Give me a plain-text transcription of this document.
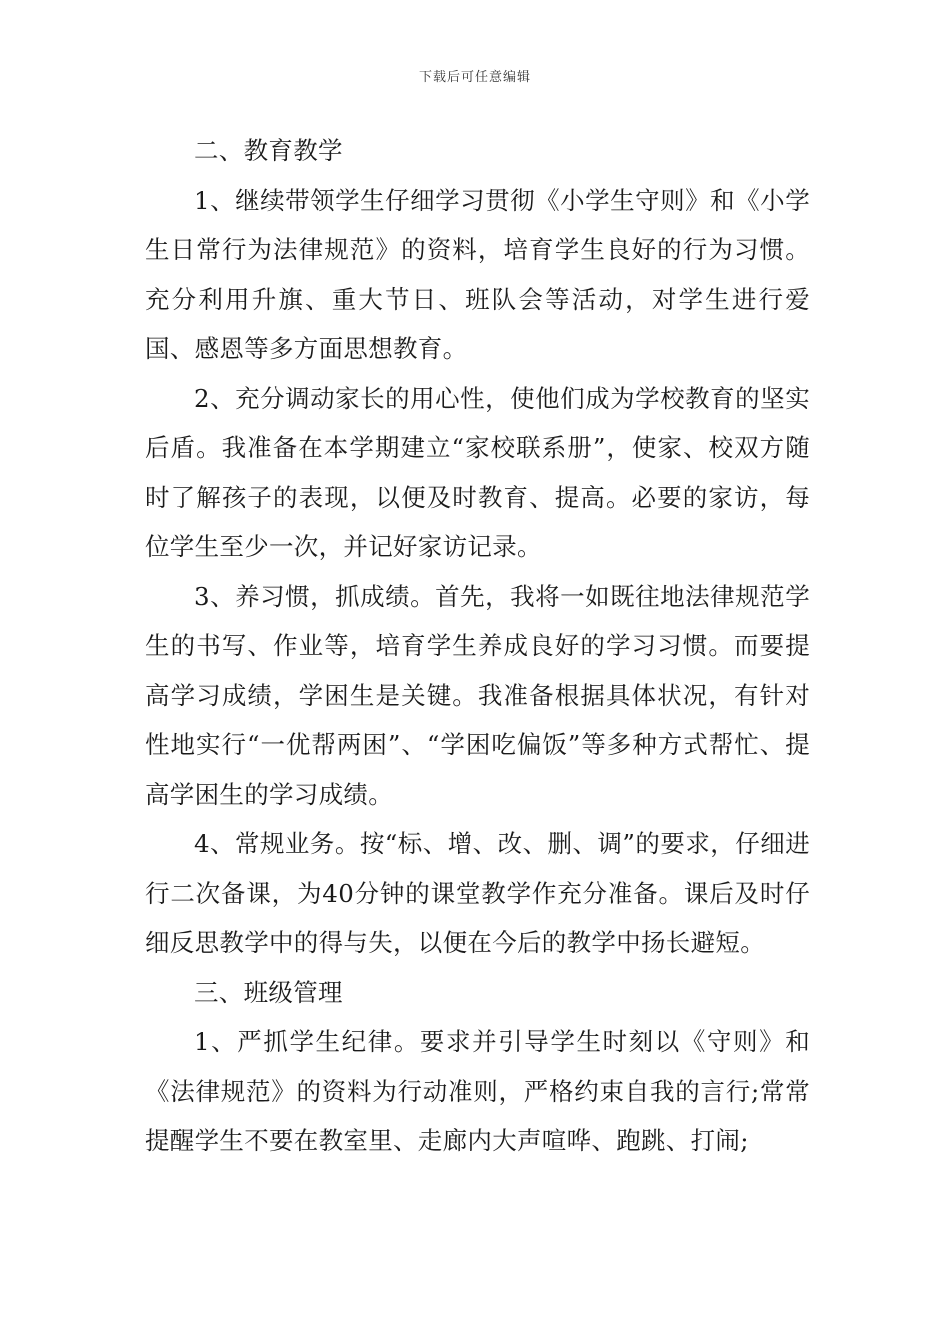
下载后可任意编辑

二、教育教学

1、继续带领学生仔细学习贯彻《小学生守则》和《小学生日常行为法律规范》的资料，培育学生良好的行为习惯。充分利用升旗、重大节日、班队会等活动，对学生进行爱国、感恩等多方面思想教育。

2、充分调动家长的用心性，使他们成为学校教育的坚实后盾。我准备在本学期建立“家校联系册”，使家、校双方随时了解孩子的表现，以便及时教育、提高。必要的家访，每位学生至少一次，并记好家访记录。

3、养习惯，抓成绩。首先，我将一如既往地法律规范学生的书写、作业等，培育学生养成良好的学习习惯。而要提高学习成绩，学困生是关键。我准备根据具体状况，有针对性地实行“一优帮两困”、“学困吃偏饭”等多种方式帮忙、提高学困生的学习成绩。

4、常规业务。按“标、增、改、删、调”的要求，仔细进行二次备课，为40分钟的课堂教学作充分准备。课后及时仔细反思教学中的得与失，以便在今后的教学中扬长避短。

三、班级管理

1、严抓学生纪律。要求并引导学生时刻以《守则》和《法律规范》的资料为行动准则，严格约束自我的言行;常常提醒学生不要在教室里、走廊内大声喧哗、跑跳、打闹;
